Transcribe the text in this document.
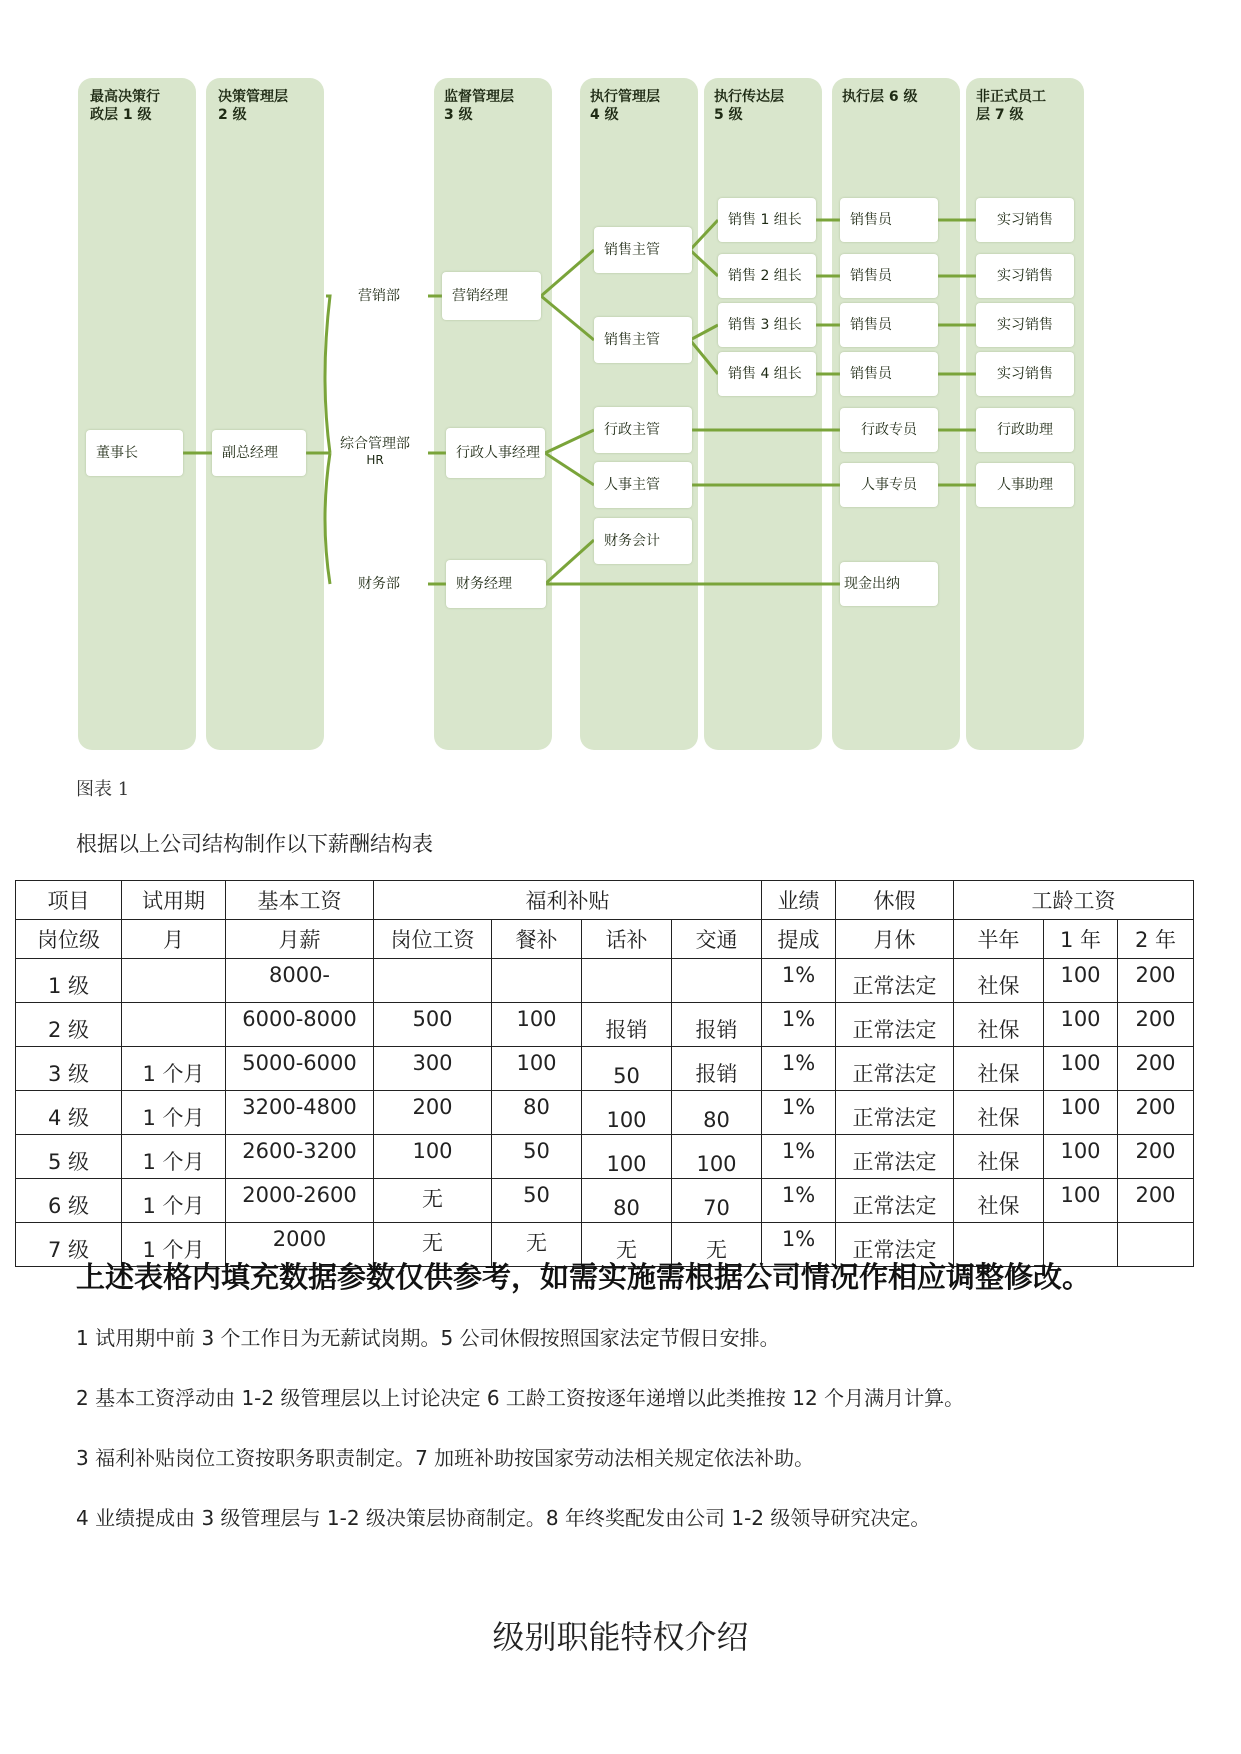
最高决策行
政层 1 级
决策管理层
2 级
监督管理层
3 级
执行管理层
4 级
执行传达层
5 级
执行层 6 级	非正式员工
层 7 级
董事长	副总经理
营销部
综合管理部
HR
财务部
营销经理
行政人事经理
财务经理
销售主管
销售主管
行政主管
人事主管
财务会计
销售 1 组长
销售 2 组长
销售 3 组长
销售 4 组长
销售员
销售员
销售员
销售员
行政专员
人事专员
现金出纳
实习销售
实习销售
实习销售
实习销售
行政助理
人事助理
图表 1
根据以上公司结构制作以下薪酬结构表
项目	试用期	基本工资	福利补贴				业绩	休假	工龄工资		
岗位级	月	月薪	岗位工资	餐补	话补	交通	提成	月休	半年	1 年	2 年
1 级		8000-					1%	正常法定	社保	100	200
2 级		6000-8000	500	100	报销	报销	1%	正常法定	社保	100	200
3 级	1 个月	5000-6000	300	100	50	报销	1%	正常法定	社保	100	200
4 级	1 个月	3200-4800	200	80	100	80	1%	正常法定	社保	100	200
5 级	1 个月	2600-3200	100	50	100	100	1%	正常法定	社保	100	200
6 级	1 个月	2000-2600	无	50	80	70	1%	正常法定	社保	100	200
7 级	1 个月	2000	无	无	无	无	1%	正常法定			
上述表格内填充数据参数仅供参考，如需实施需根据公司情况作相应调整修改。
1 试用期中前 3 个工作日为无薪试岗期。5 公司休假按照国家法定节假日安排。
2 基本工资浮动由 1-2 级管理层以上讨论决定 6 工龄工资按逐年递增以此类推按 12 个月满月计算。
3 福利补贴岗位工资按职务职责制定。7 加班补助按国家劳动法相关规定依法补助。
4 业绩提成由 3 级管理层与 1-2 级决策层协商制定。8 年终奖配发由公司 1-2 级领导研究决定。
级别职能特权介绍
